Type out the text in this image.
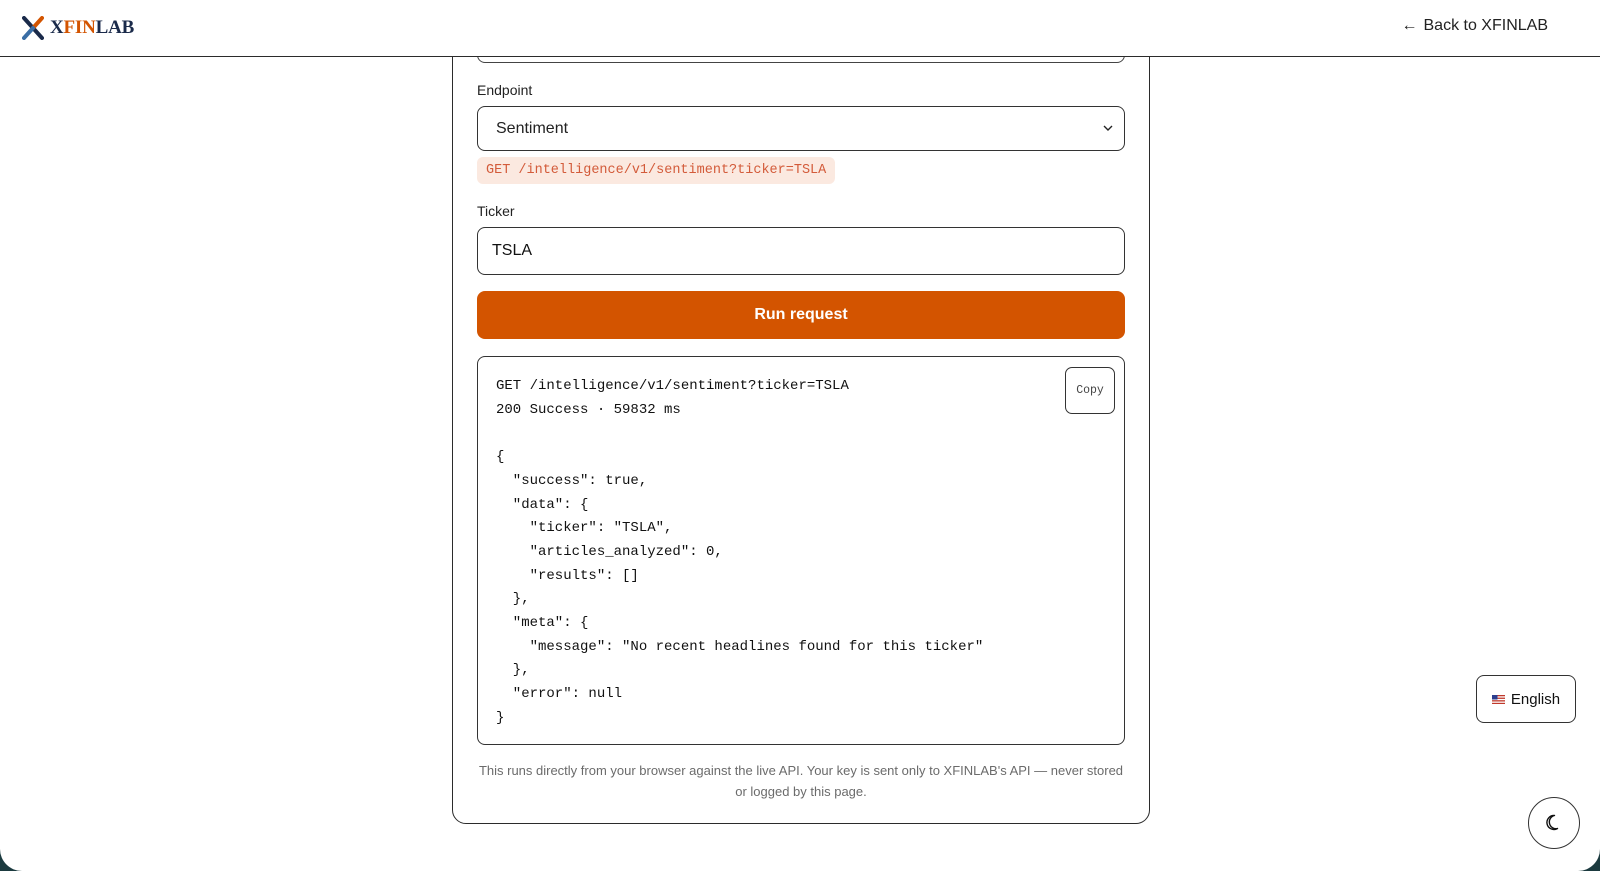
XFINLAB	← Back to XFINLAB
Endpoint
Sentiment
GET /intelligence/v1/sentiment?ticker=TSLA
Ticker
TSLA
Run request
GET /intelligence/v1/sentiment?ticker=TSLA
200 Success · 59832 ms

{
"success": true,
"data": {
"ticker": "TSLA",
"articles_analyzed": 0,
"results": []
},
"meta": {
"message": "No recent headlines found for this ticker"
},
"error": null
}
Copy
This runs directly from your browser against the live API. Your key is sent only to XFINLAB's API — never stored or logged by this page.
English
